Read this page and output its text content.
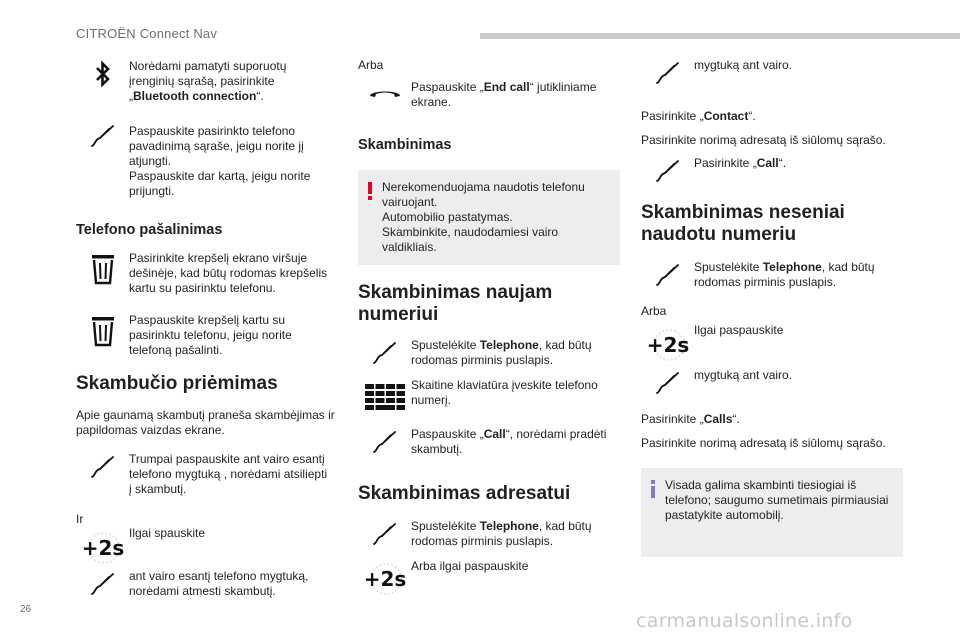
CITROËN Connect Nav
Norėdami pamatyti suporuotų įrenginių sąrašą, pasirinkite „Bluetooth connection“.
Paspauskite pasirinkto telefono pavadinimą sąraše, jeigu norite jį atjungti.
Paspauskite dar kartą, jeigu norite prijungti.
Telefono pašalinimas
Pasirinkite krepšelį ekrano viršuje dešinėje, kad būtų rodomas krepšelis kartu su pasirinktu telefonu.
Paspauskite krepšelį kartu su pasirinktu telefonu, jeigu norite telefoną pašalinti.
Skambučio priėmimas
Apie gaunamą skambutį praneša skambėjimas ir papildomas vaizdas ekrane.
Trumpai paspauskite ant vairo esantį telefono mygtuką , norėdami atsiliepti į skambutį.
Ir
+2s
Ilgai spauskite
ant vairo esantį telefono mygtuką, norėdami atmesti skambutį.
Arba
Paspauskite „End call“ jutikliniame ekrane.
Skambinimas
Nerekomenduojama naudotis telefonu vairuojant.
Automobilio pastatymas.
Skambinkite, naudodamiesi vairo valdikliais.
Skambinimas naujam numeriui
Spustelėkite Telephone, kad būtų rodomas pirminis puslapis.
Skaitine klaviatūra įveskite telefono numerį.
Paspauskite „Call“, norėdami pradėti skambutį.
Skambinimas adresatui
Spustelėkite Telephone, kad būtų rodomas pirminis puslapis.
+2s
Arba ilgai paspauskite
mygtuką ant vairo.
Pasirinkite „Contact“.
Pasirinkite norimą adresatą iš siūlomų sąrašo.
Pasirinkite „Call“.
Skambinimas neseniai naudotu numeriu
Spustelėkite Telephone, kad būtų rodomas pirminis puslapis.
Arba
+2s
Ilgai paspauskite
mygtuką ant vairo.
Pasirinkite „Calls“.
Pasirinkite norimą adresatą iš siūlomų sąrašo.
Visada galima skambinti tiesiogiai iš telefono; saugumo sumetimais pirmiausiai pastatykite automobilį.
26
carmanualsonline.info
